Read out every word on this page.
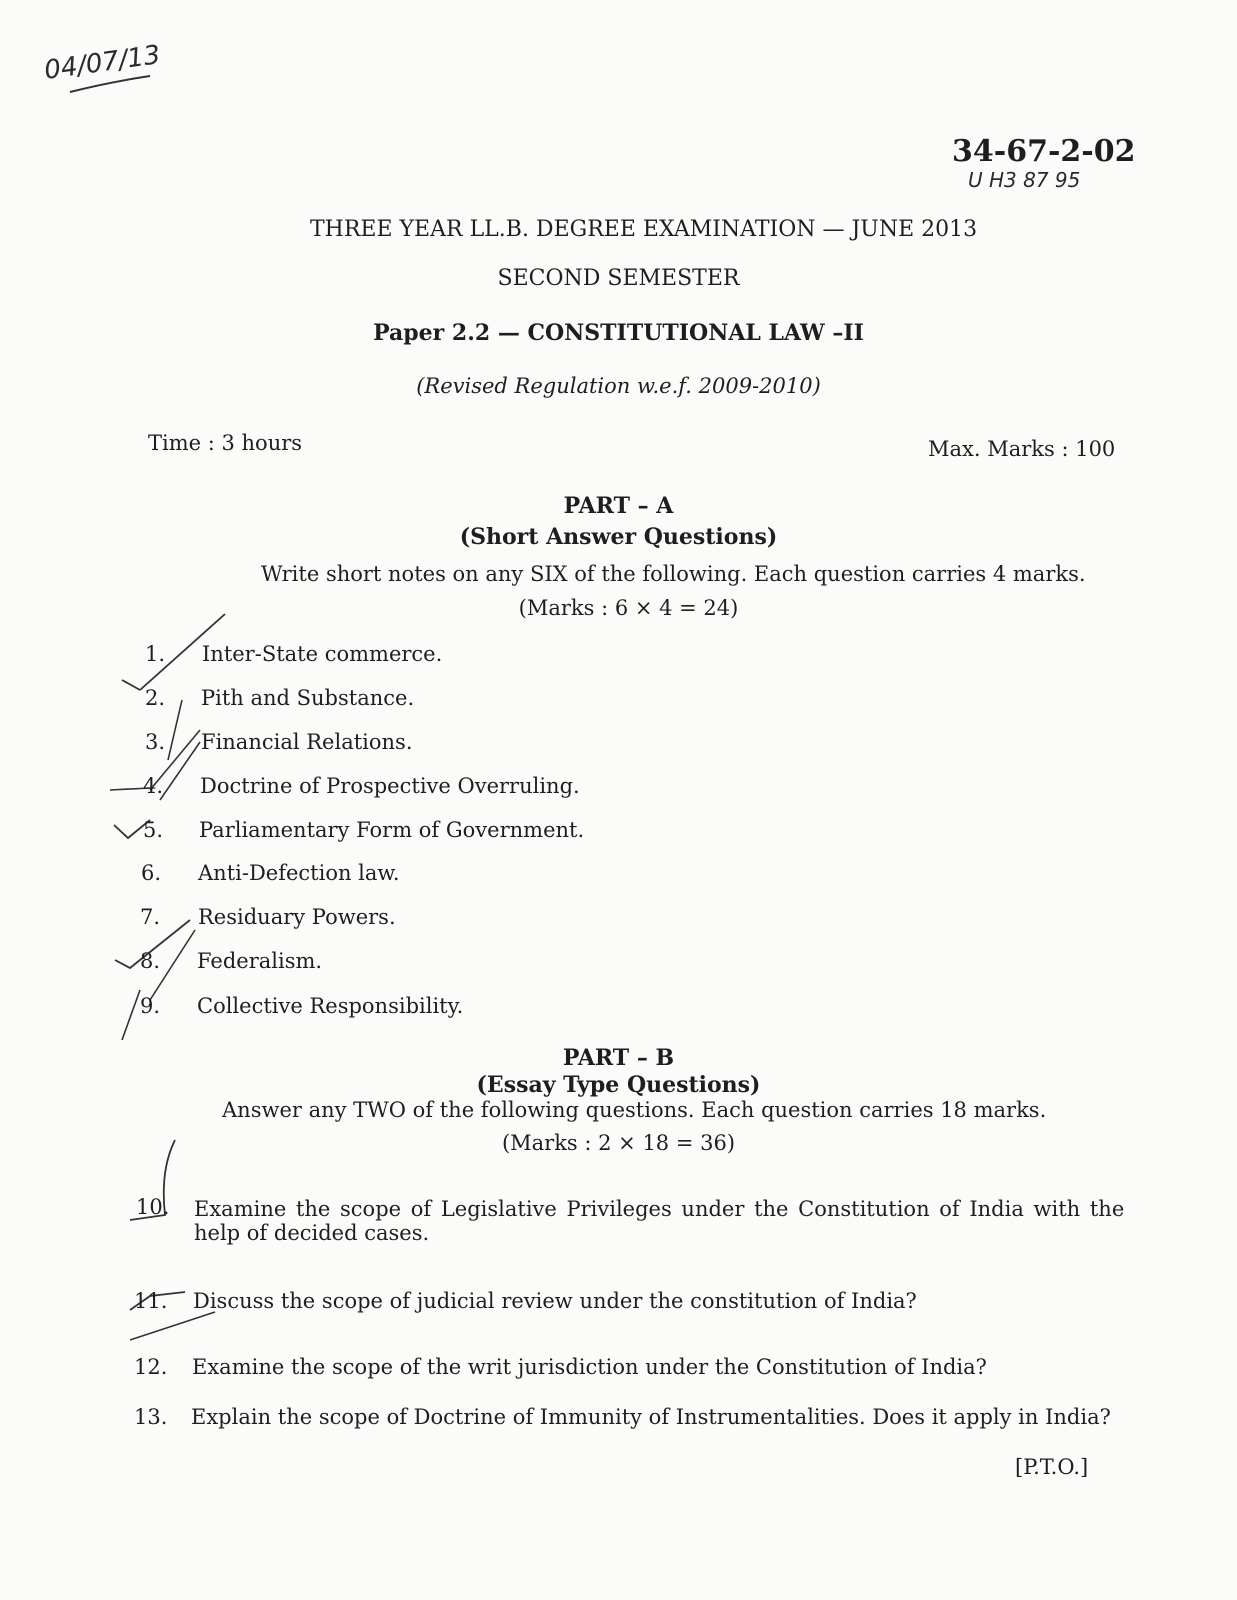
04/07/13
34-67-2-02
U H3 87 95
THREE YEAR LL.B. DEGREE EXAMINATION — JUNE 2013
SECOND SEMESTER
Paper 2.2 — CONSTITUTIONAL LAW –II
(Revised Regulation w.e.f. 2009-2010)
Time : 3 hours	Max. Marks : 100
PART – A
(Short Answer Questions)
Write short notes on any SIX of the following. Each question carries 4 marks.
(Marks : 6 × 4 = 24)
1. Inter-State commerce.
2. Pith and Substance.
3. Financial Relations.
4. Doctrine of Prospective Overruling.
5. Parliamentary Form of Government.
6. Anti-Defection law.
7. Residuary Powers.
8. Federalism.
9. Collective Responsibility.
PART – B
(Essay Type Questions)
Answer any TWO of the following questions. Each question carries 18 marks.
(Marks : 2 × 18 = 36)
10. Examine the scope of Legislative Privileges under the Constitution of India with the
help of decided cases.
11. Discuss the scope of judicial review under the constitution of India?
12. Examine the scope of the writ jurisdiction under the Constitution of India?
13. Explain the scope of Doctrine of Immunity of Instrumentalities. Does it apply in India?
[P.T.O.]
